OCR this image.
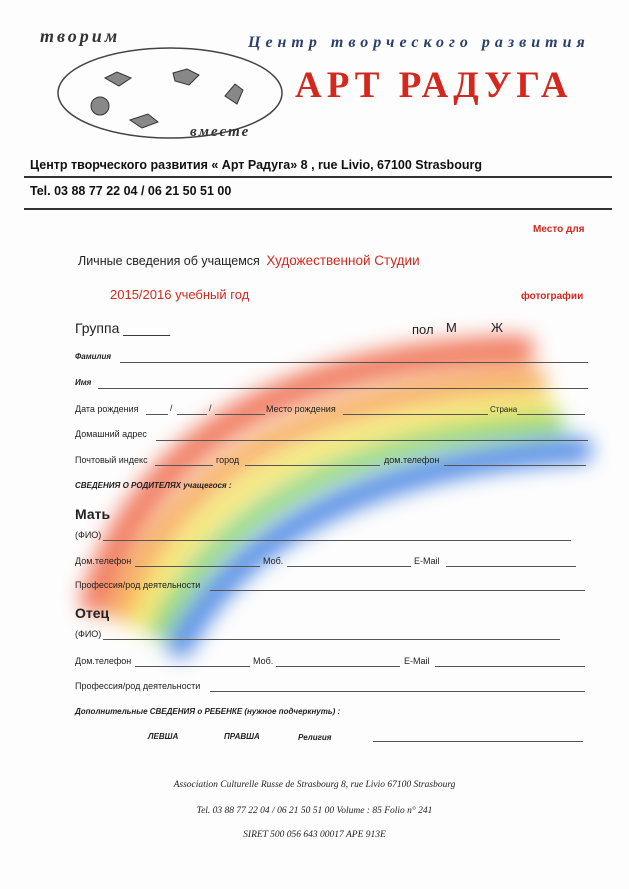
творим
вместе
Центр творческого развития
АРТ РАДУГА
Центр творческого развития « Арт Радуга» 8 , rue Livio, 67100 Strasbourg
Tel. 03 88 77 22 04 / 06 21 50 51 00
Место для
фотографии
Личные сведения об учащемся Художественной Студии
2015/2016 учебный год
Группа ______	пол М	Ж
Фамилия
Имя
Дата рождения	/	/	Место рождения	Страна
Домашний адрес
Почтовый индекс	город	дом.телефон
СВЕДЕНИЯ О РОДИТЕЛЯХ учащегося :
Мать
(ФИО)
Дом.телефон	Моб.	E-Mail
Профессия/род деятельности
Отец
(ФИО)
Дом.телефон	Моб.	E-Mail
Профессия/род деятельности
Дополнительные СВЕДЕНИЯ о РЕБЕНКЕ (нужное подчеркнуть) :
ЛЕВША	ПРАВША	Религия
Association Culturelle Russe de Strasbourg 8, rue Livio 67100 Strasbourg
Tel. 03 88 77 22 04 / 06 21 50 51 00 Volume : 85 Folio n° 241
SIRET 500 056 643 00017 APE 913E
